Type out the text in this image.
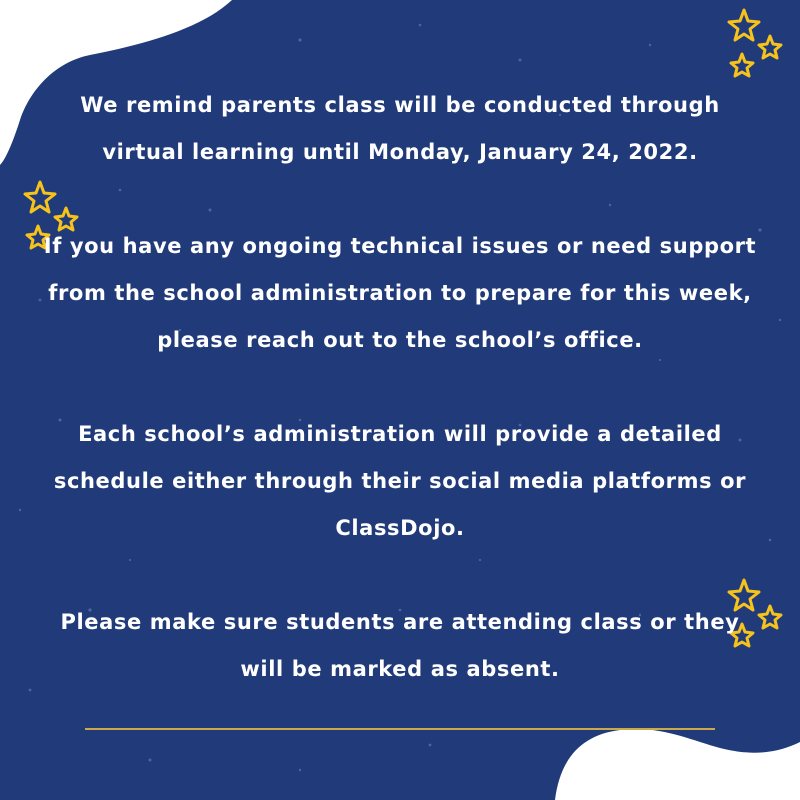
We remind parents class will be conducted through virtual learning until Monday, January 24, 2022.

If you have any ongoing technical issues or need support from the school administration to prepare for this week, please reach out to the school’s office.

Each school’s administration will provide a detailed schedule either through their social media platforms or ClassDojo.

Please make sure students are attending class or they will be marked as absent.
